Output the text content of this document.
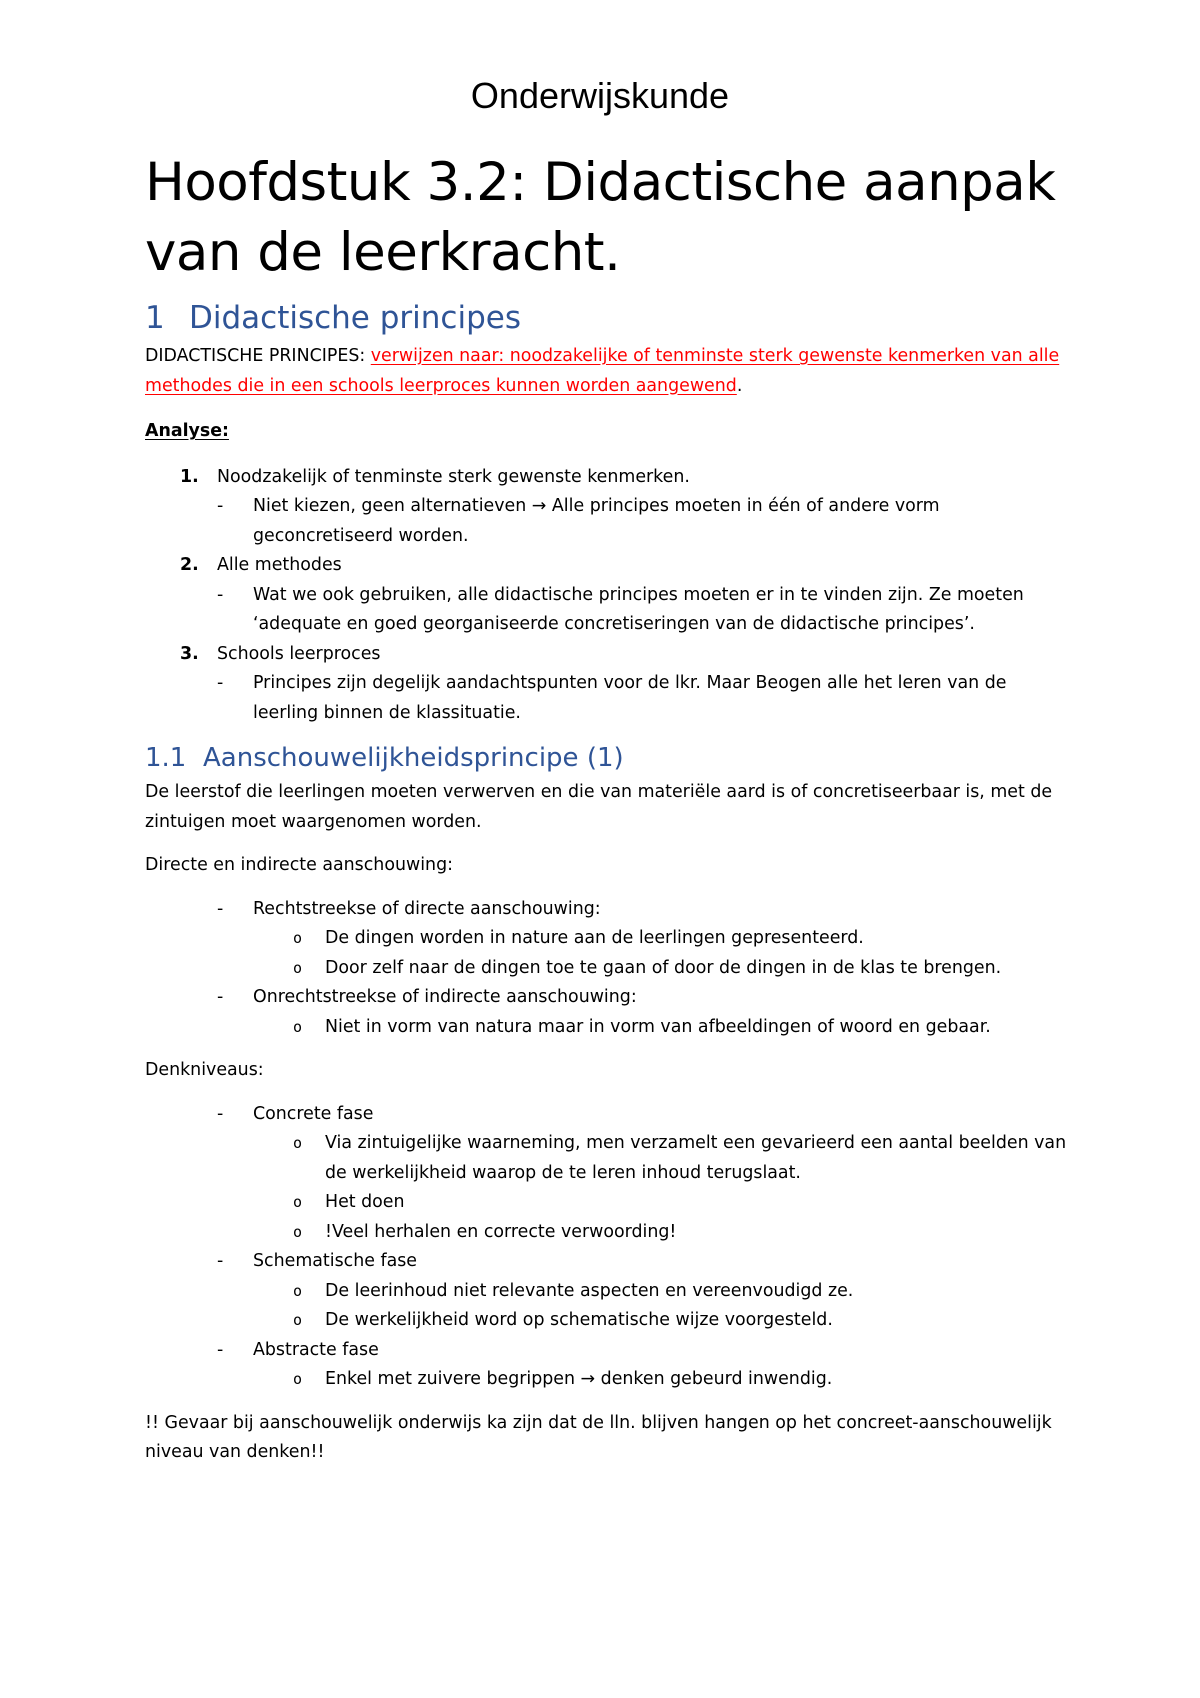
Onderwijskunde
Hoofdstuk 3.2: Didactische aanpak van de leerkracht.
1 Didactische principes

DIDACTISCHE PRINCIPES: verwijzen naar: noodzakelijke of tenminste sterk gewenste kenmerken van alle methodes die in een schools leerproces kunnen worden aangewend.

Analyse:

1. Noodzakelijk of tenminste sterk gewenste kenmerken.
- Niet kiezen, geen alternatieven → Alle principes moeten in één of andere vorm geconcretiseerd worden.
2. Alle methodes
- Wat we ook gebruiken, alle didactische principes moeten er in te vinden zijn. Ze moeten ‘adequate en goed georganiseerde concretiseringen van de didactische principes’.
3. Schools leerproces
- Principes zijn degelijk aandachtspunten voor de lkr. Maar Beogen alle het leren van de leerling binnen de klassituatie.
1.1 Aanschouwelijkheidsprincipe (1)

De leerstof die leerlingen moeten verwerven en die van materiële aard is of concretiseerbaar is, met de zintuigen moet waargenomen worden.

Directe en indirecte aanschouwing:

- Rechtstreekse of directe aanschouwing:
o De dingen worden in nature aan de leerlingen gepresenteerd.
o Door zelf naar de dingen toe te gaan of door de dingen in de klas te brengen.
- Onrechtstreekse of indirecte aanschouwing:
o Niet in vorm van natura maar in vorm van afbeeldingen of woord en gebaar.

Denkniveaus:

- Concrete fase
o Via zintuigelijke waarneming, men verzamelt een gevarieerd een aantal beelden van de werkelijkheid waarop de te leren inhoud terugslaat.
o Het doen
o !Veel herhalen en correcte verwoording!
- Schematische fase
o De leerinhoud niet relevante aspecten en vereenvoudigd ze.
o De werkelijkheid word op schematische wijze voorgesteld.
- Abstracte fase
o Enkel met zuivere begrippen → denken gebeurd inwendig.

!! Gevaar bij aanschouwelijk onderwijs ka zijn dat de lln. blijven hangen op het concreet-aanschouwelijk niveau van denken!!
